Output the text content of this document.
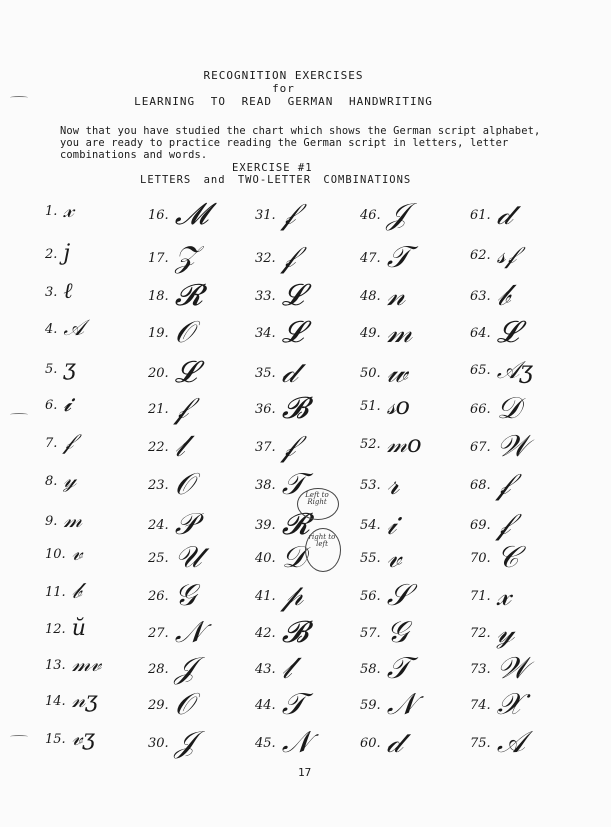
RECOGNITION EXERCISES
for
LEARNING TO READ GERMAN HANDWRITING
Now that you have studied the chart which shows the German script alphabet, you are ready to practice reading the German script in letters, letter combinations and words.
EXERCISE #1
LETTERS and TWO-LETTER COMBINATIONS
1. 𝓍
2. j
3. ℓ
4. 𝒜
5. ʒ
6. 𝓲
7. 𝒻
8. 𝓎
9. 𝓂
10. 𝓋
11. 𝒷
12. ŭ
13. 𝓂𝓋
14. 𝓃ʒ
15. 𝓋ʒ
16. 𝓜
17. 𝒵
18. 𝓡
19. 𝒪
20. 𝓛
21. 𝒻
22. 𝓁
23. 𝒪
24. 𝒫
25. 𝒰
26. 𝒢
27. 𝒩
28. 𝒥
29. 𝒪
30. 𝒥
31. 𝒻
32. 𝒻
33. 𝓛
34. 𝓛
35. 𝒹
36. 𝓑
37. 𝒻
38. 𝒯
39. 𝓡
40. 𝒟
41. 𝓅
42. 𝓑
43. 𝓁
44. 𝒯
45. 𝒩
46. 𝒥
47. 𝒯
48. 𝓃
49. 𝓂
50. 𝓌
51. 𝓈𝑜
52. 𝓂𝑜
53. 𝓇
54. 𝒾
55. 𝓋
56. 𝒮
57. 𝒢
58. 𝒯
59. 𝒩
60. 𝒹
61. 𝒹
62. 𝓈𝒻
63. 𝒷
64. 𝓛
65. 𝒜ʒ
66. 𝒟
67. 𝒲
68. 𝒻
69. 𝒻
70. 𝒞
71. 𝓍
72. 𝓎
73. 𝒲
74. 𝒳
75. 𝒜
Left to Right
right to left
17
